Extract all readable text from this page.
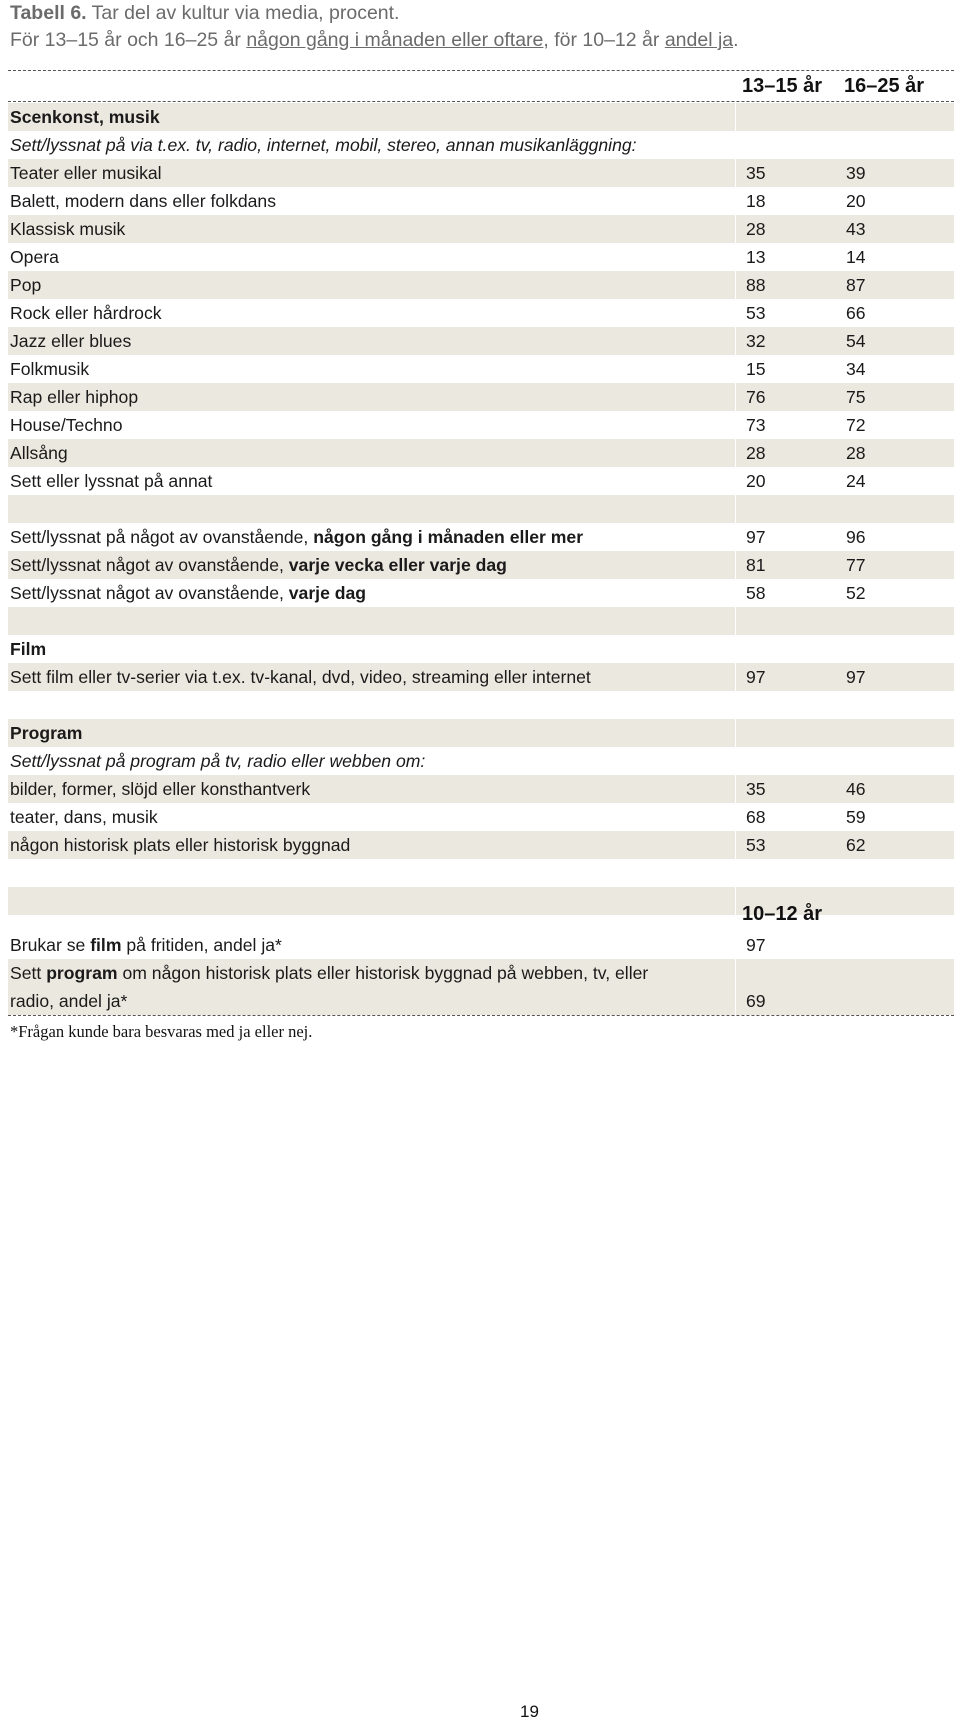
Tabell 6. Tar del av kultur via media, procent.
För 13–15 år och 16–25 år någon gång i månaden eller oftare, för 10–12 år andel ja.
13–15 år 16–25 år
Scenkonst, musik
Sett/lyssnat på via t.ex. tv, radio, internet, mobil, stereo, annan musikanläggning:
Teater eller musikal	35	39
Balett, modern dans eller folkdans	18	20
Klassisk musik	28	43
Opera	13	14
Pop	88	87
Rock eller hårdrock	53	66
Jazz eller blues	32	54
Folkmusik	15	34
Rap eller hiphop	76	75
House/Techno	73	72
Allsång	28	28
Sett eller lyssnat på annat	20	24
Sett/lyssnat på något av ovanstående, någon gång i månaden eller mer	97	96
Sett/lyssnat något av ovanstående, varje vecka eller varje dag	81	77
Sett/lyssnat något av ovanstående, varje dag	58	52
Film
Sett film eller tv-serier via t.ex. tv-kanal, dvd, video, streaming eller internet	97	97
Program
Sett/lyssnat på program på tv, radio eller webben om:
bilder, former, slöjd eller konsthantverk	35	46
teater, dans, musik	68	59
någon historisk plats eller historisk byggnad	53	62
10–12 år
Brukar se film på fritiden, andel ja*	97
Sett program om någon historisk plats eller historisk byggnad på webben, tv, eller
radio, andel ja*	69
*Frågan kunde bara besvaras med ja eller nej.
19
